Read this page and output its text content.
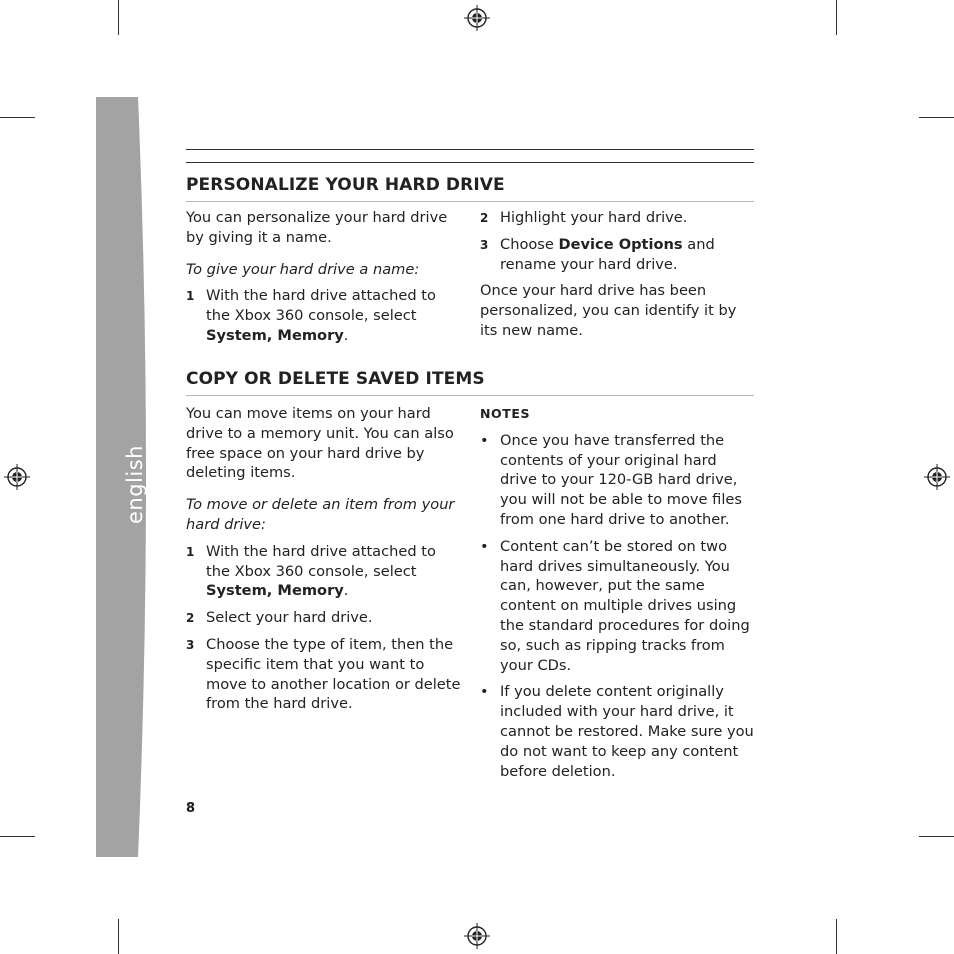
english
PERSONALIZE YOUR HARD DRIVE

You can personalize your hard drive by giving it a name.

To give your hard drive a name:

1 With the hard drive attached to the Xbox 360 console, select System, Memory.
2 Highlight your hard drive.
3 Choose Device Options and rename your hard drive.

Once your hard drive has been personalized, you can identify it by its new name.

COPY OR DELETE SAVED ITEMS

You can move items on your hard drive to a memory unit. You can also free space on your hard drive by deleting items.

To move or delete an item from your hard drive:

1 With the hard drive attached to the Xbox 360 console, select System, Memory.
2 Select your hard drive.
3 Choose the type of item, then the specific item that you want to move to another location or delete from the hard drive.

NOTES

• Once you have transferred the contents of your original hard drive to your 120-GB hard drive, you will not be able to move files from one hard drive to another.
• Content can’t be stored on two hard drives simultaneously. You can, however, put the same content on multiple drives using the standard procedures for doing so, such as ripping tracks from your CDs.
• If you delete content originally included with your hard drive, it cannot be restored. Make sure you do not want to keep any content before deletion.
8
